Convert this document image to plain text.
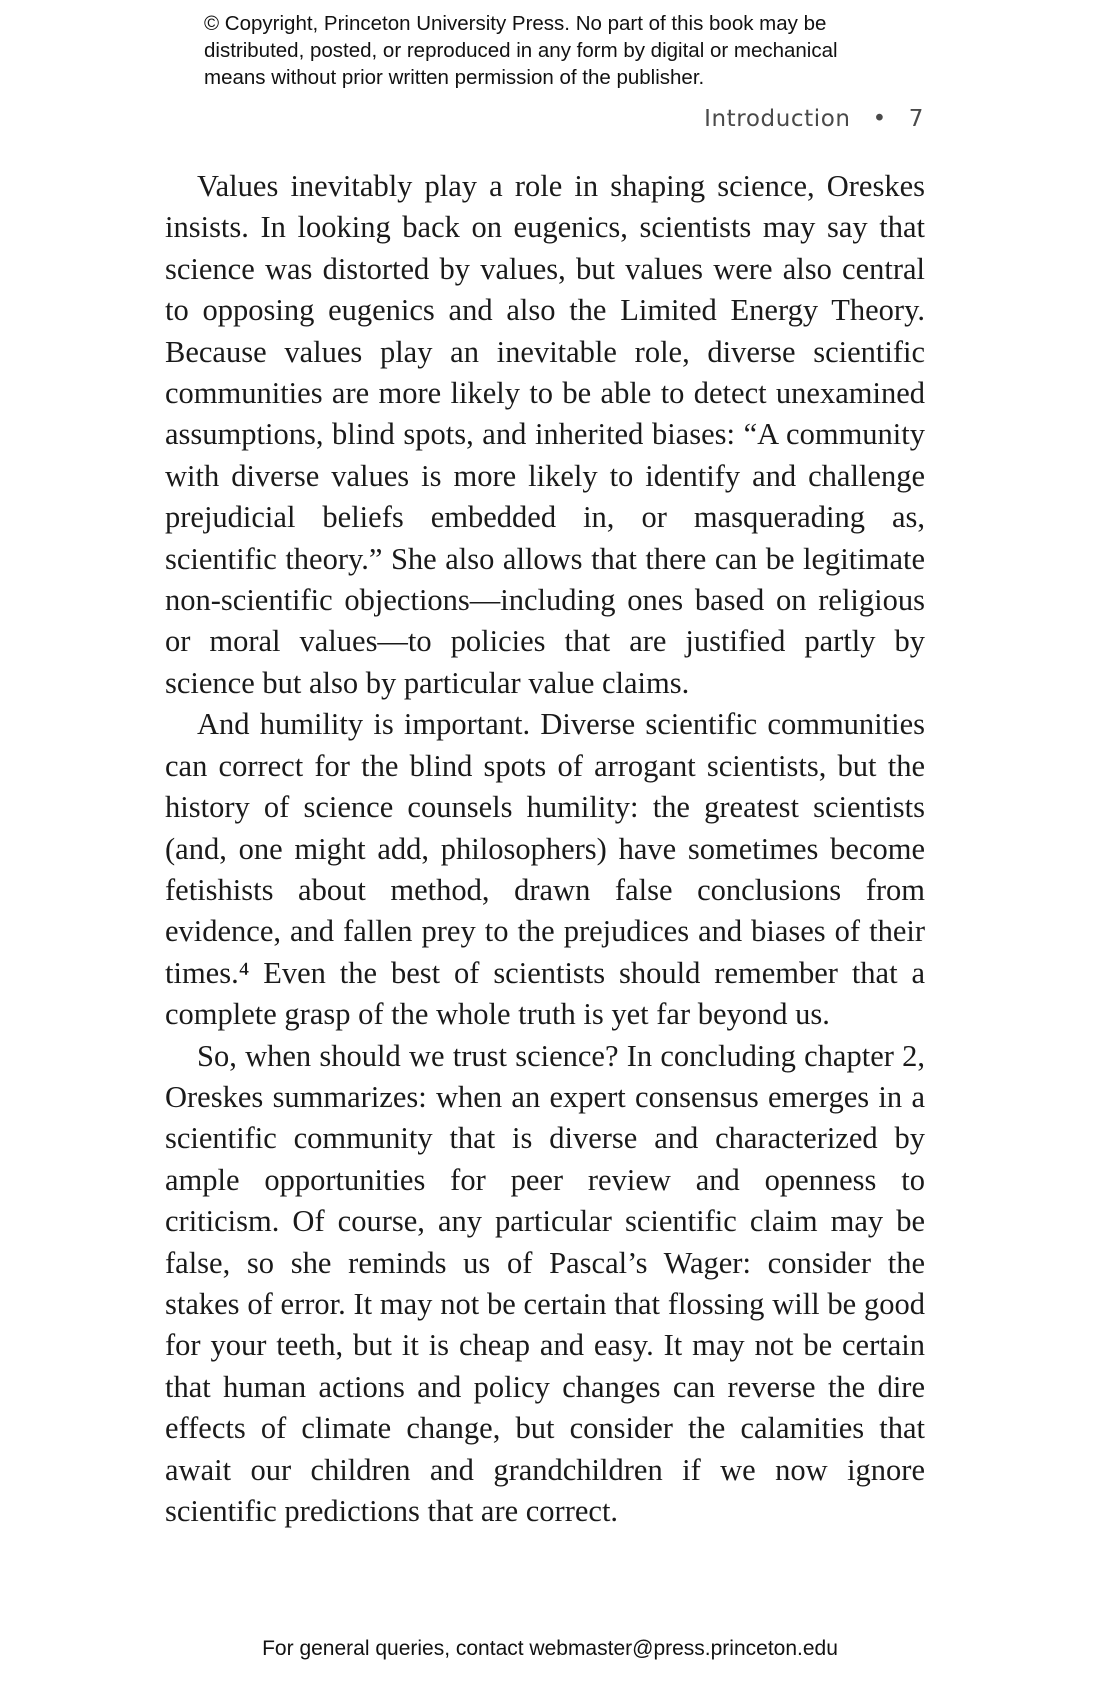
© Copyright, Princeton University Press. No part of this book may be
distributed, posted, or reproduced in any form by digital or mechanical
means without prior written permission of the publisher.
Introduction • 7

Values inevitably play a role in shaping science, Oreskes insists. In looking back on eugenics, scientists may say that science was distorted by values, but values were also central to opposing eugenics and also the Limited Energy Theory. Because values play an inevitable role, diverse scientific communities are more likely to be able to detect unexamined assumptions, blind spots, and inherited biases: “A community with diverse values is more likely to identify and challenge prejudicial beliefs embedded in, or masquerading as, scientific theory.” She also allows that there can be legitimate non-scientific objections—including ones based on religious or moral values—to policies that are justified partly by science but also by particular value claims.

And humility is important. Diverse scientific communities can correct for the blind spots of arrogant scientists, but the history of science counsels humility: the greatest scientists (and, one might add, philosophers) have sometimes become fetishists about method, drawn false conclusions from evidence, and fallen prey to the prejudices and biases of their times.⁴ Even the best of scientists should remember that a complete grasp of the whole truth is yet far beyond us.

So, when should we trust science? In concluding chapter 2, Oreskes summarizes: when an expert consensus emerges in a scientific community that is diverse and characterized by ample opportunities for peer review and openness to criticism. Of course, any particular scientific claim may be false, so she reminds us of Pascal’s Wager: consider the stakes of error. It may not be certain that flossing will be good for your teeth, but it is cheap and easy. It may not be certain that human actions and policy changes can reverse the dire effects of climate change, but consider the calamities that await our children and grandchildren if we now ignore scientific predictions that are correct.

For general queries, contact webmaster@press.princeton.edu
